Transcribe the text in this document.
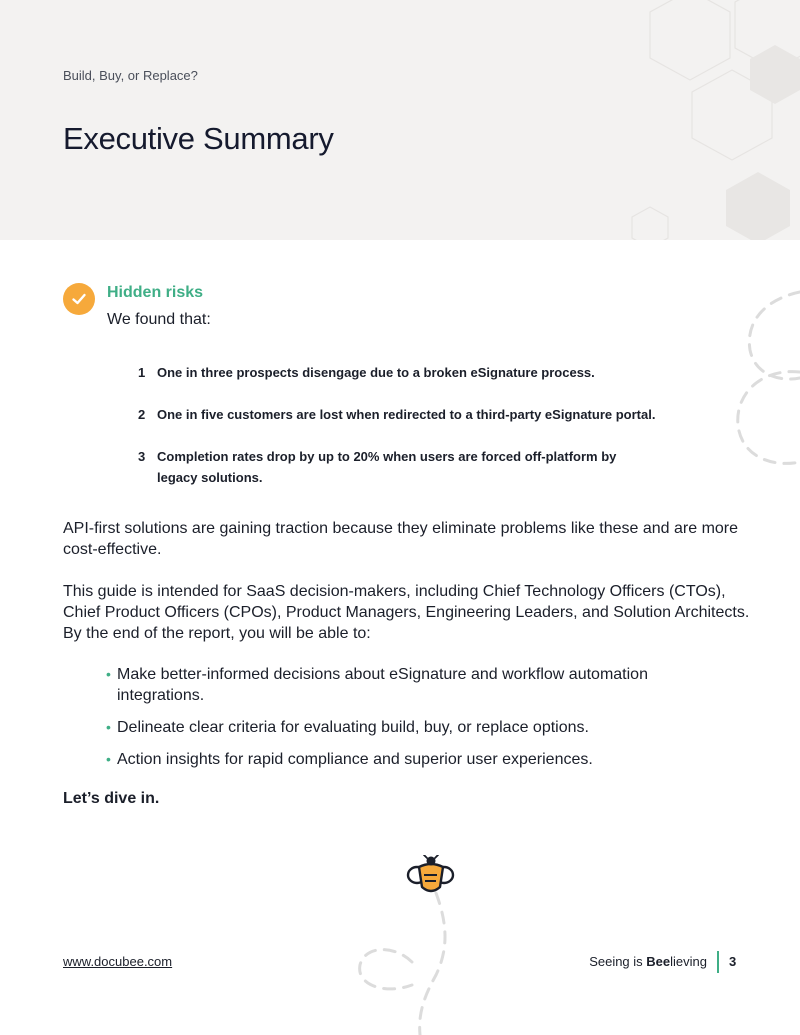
Build, Buy, or Replace?
Executive Summary
Hidden risks
We found that:
1 One in three prospects disengage due to a broken eSignature process.
2 One in five customers are lost when redirected to a third-party eSignature portal.
3 Completion rates drop by up to 20% when users are forced off-platform by legacy solutions.

API-first solutions are gaining traction because they eliminate problems like these and are more cost-effective.

This guide is intended for SaaS decision-makers, including Chief Technology Officers (CTOs), Chief Product Officers (CPOs), Product Managers, Engineering Leaders, and Solution Architects. By the end of the report, you will be able to:

• Make better-informed decisions about eSignature and workflow automation integrations.
• Delineate clear criteria for evaluating build, buy, or replace options.
• Action insights for rapid compliance and superior user experiences.
Let’s dive in.
www.docubee.com	Seeing is Beelieving 3
